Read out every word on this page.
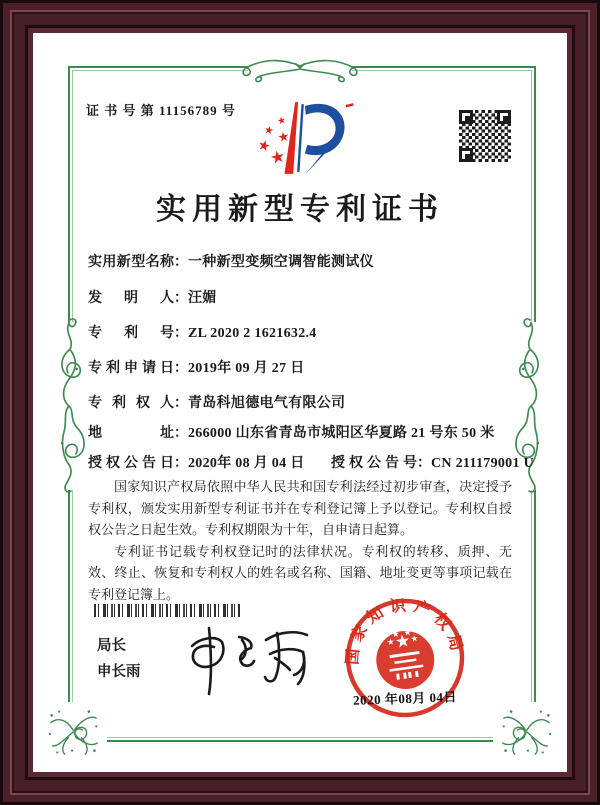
证 书 号 第 11156789 号
实用新型专利证书
实用新型名称：一种新型变频空调智能测试仪
发明人：汪媚
专利号：ZL 2020 2 1621632.4
专利申请日：2019年 09 月 27 日
专利权人：青岛科旭德电气有限公司
地址：266000 山东省青岛市城阳区华夏路 21 号东 50 米
授权公告日：2020年 08 月 04 日 授权公告号：CN 211179001 U

国家知识产权局依照中华人民共和国专利法经过初步审查，决定授予专利权，颁发实用新型专利证书并在专利登记簿上予以登记。专利权自授权公告之日起生效。专利权期限为十年，自申请日起算。

专利证书记载专利权登记时的法律状况。专利权的转移、质押、无效、终止、恢复和专利权人的姓名或名称、国籍、地址变更等事项记载在专利登记簿上。

局长
申长雨
国家知识产权局
2020 年08月 04日
